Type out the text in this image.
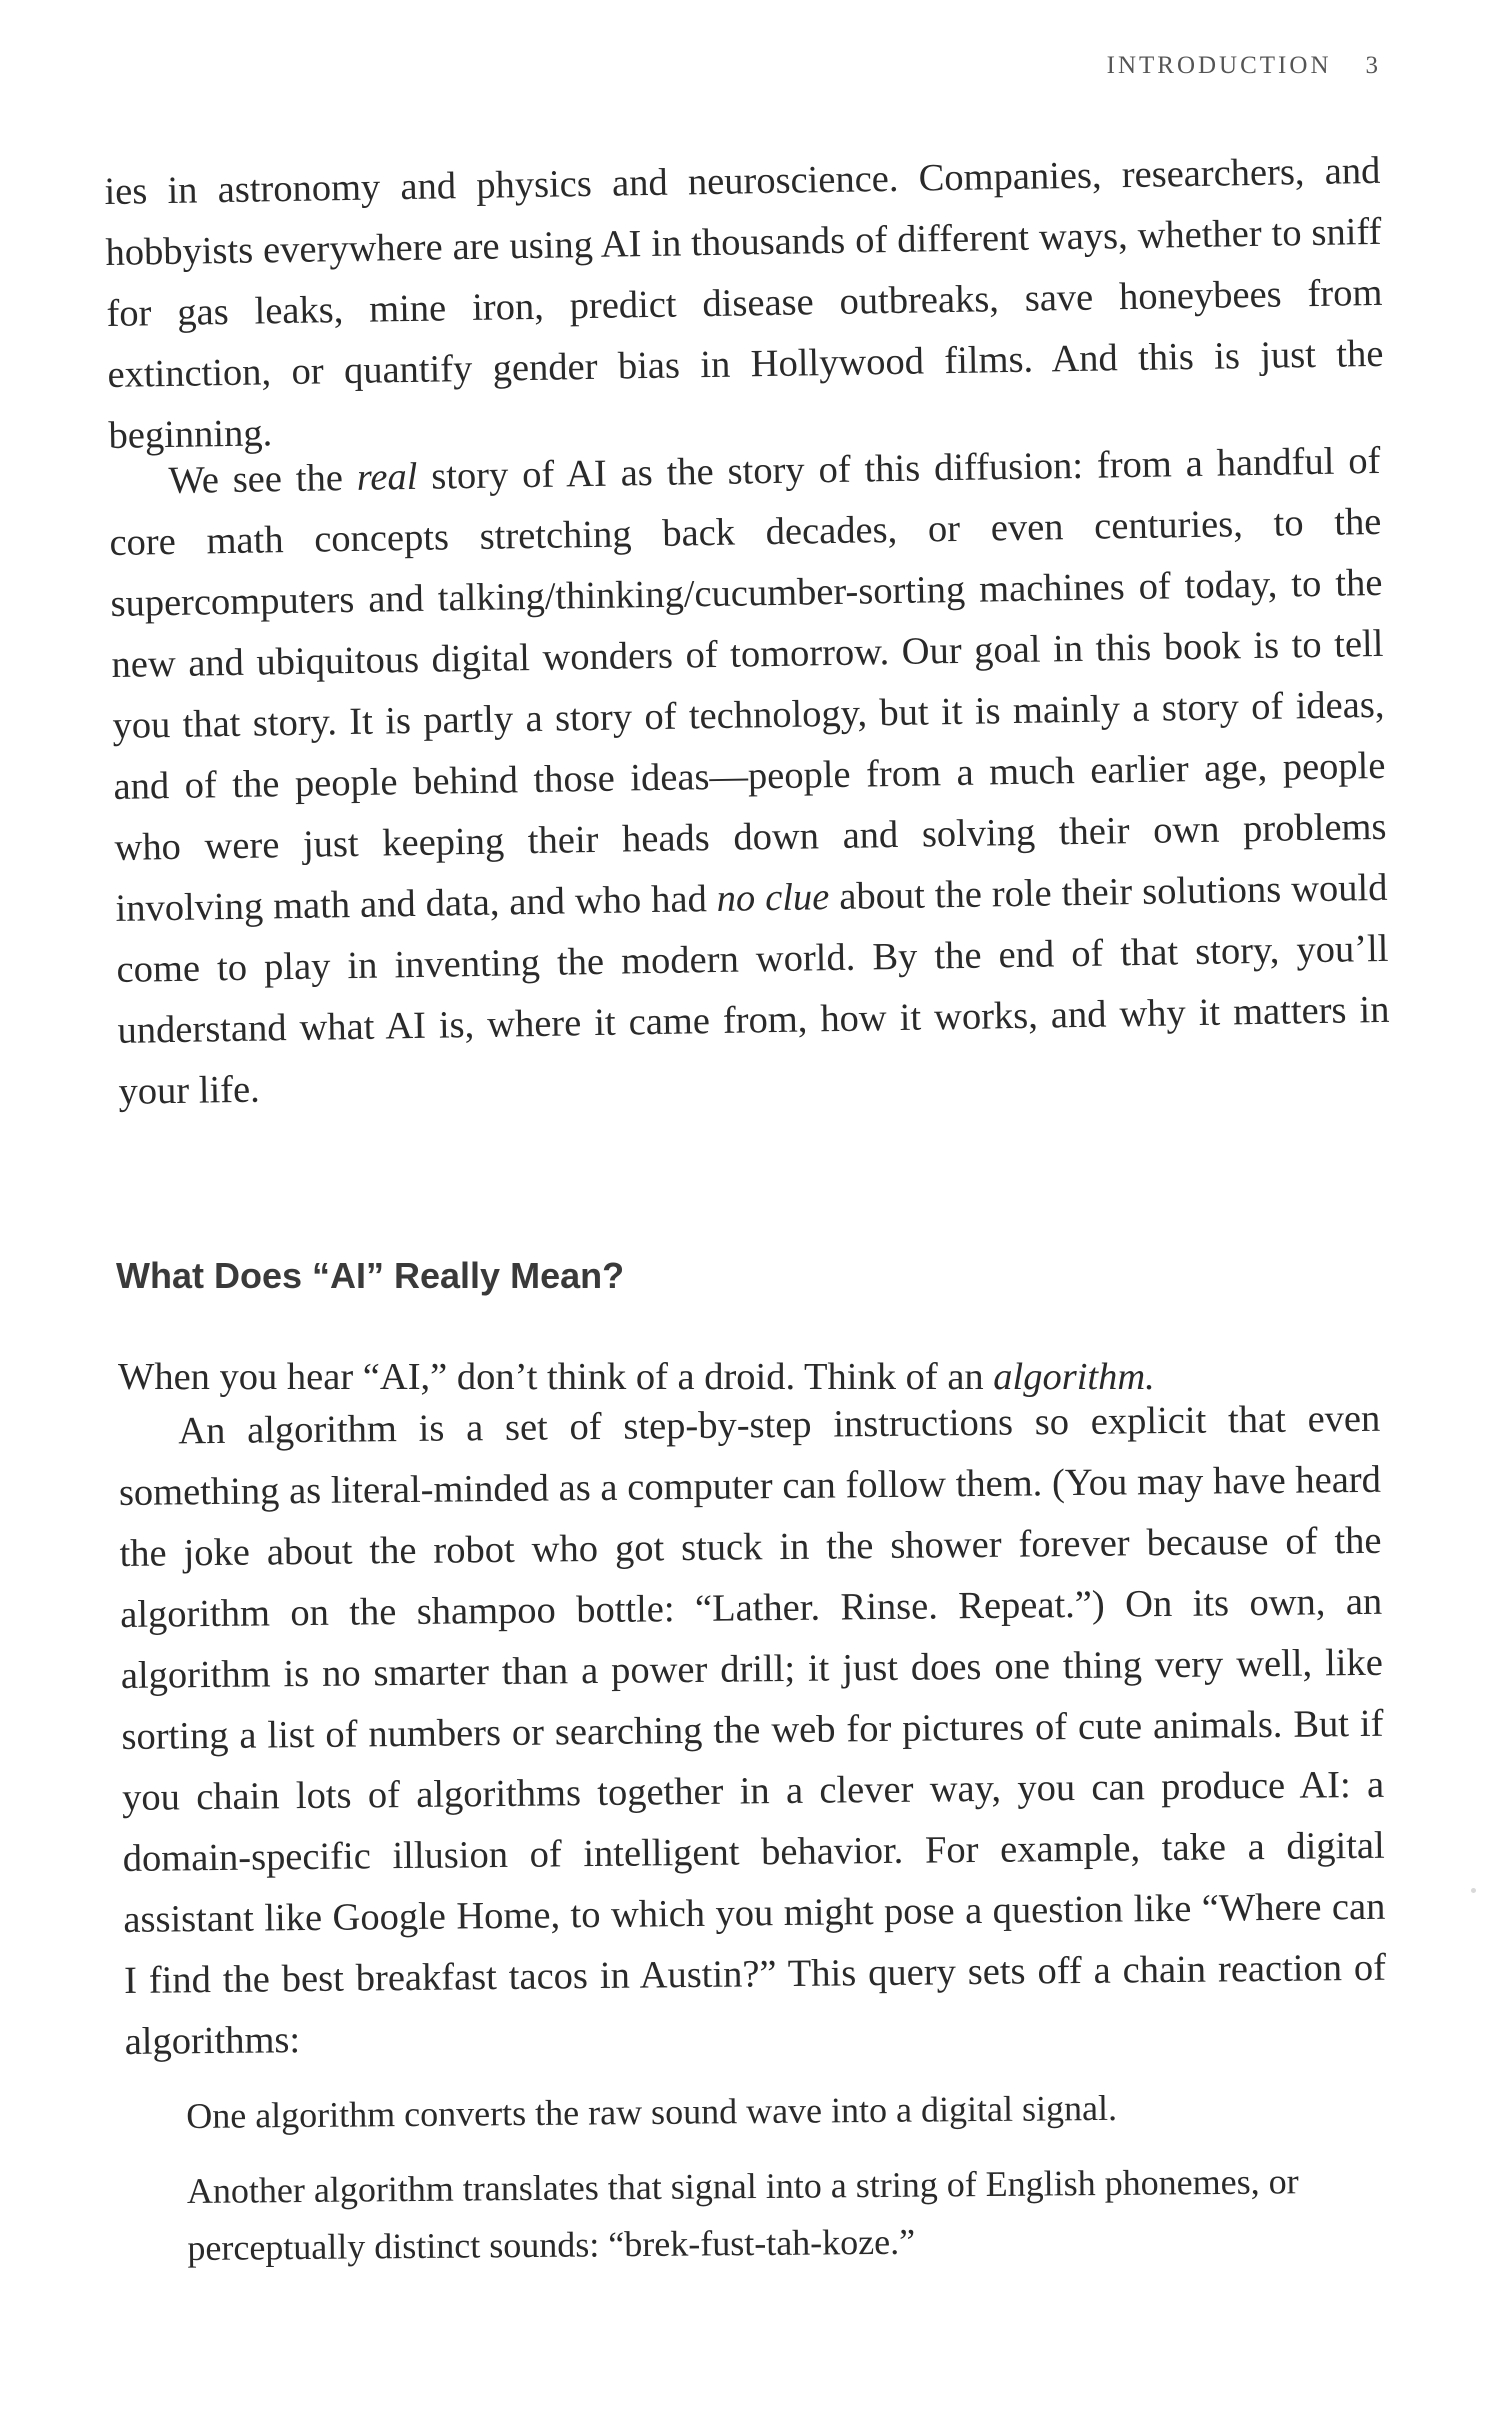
INTRODUCTION 3

ies in astronomy and physics and neuroscience. Companies, researchers, and hobbyists everywhere are using AI in thousands of different ways, whether to sniff for gas leaks, mine iron, predict disease outbreaks, save honeybees from extinction, or quantify gender bias in Hollywood films. And this is just the beginning.

We see the real story of AI as the story of this diffusion: from a handful of core math concepts stretching back decades, or even centuries, to the supercomputers and talking/thinking/cucumber-sorting machines of today, to the new and ubiquitous digital wonders of tomorrow. Our goal in this book is to tell you that story. It is partly a story of technology, but it is mainly a story of ideas, and of the people behind those ideas—people from a much earlier age, people who were just keeping their heads down and solving their own problems involving math and data, and who had no clue about the role their solutions would come to play in inventing the modern world. By the end of that story, you’ll understand what AI is, where it came from, how it works, and why it matters in your life.

What Does “AI” Really Mean?

When you hear “AI,” don’t think of a droid. Think of an algorithm.

An algorithm is a set of step-by-step instructions so explicit that even something as literal-minded as a computer can follow them. (You may have heard the joke about the robot who got stuck in the shower forever because of the algorithm on the shampoo bottle: “Lather. Rinse. Repeat.”) On its own, an algorithm is no smarter than a power drill; it just does one thing very well, like sorting a list of numbers or searching the web for pictures of cute animals. But if you chain lots of algorithms together in a clever way, you can produce AI: a domain-specific illusion of intelligent behavior. For example, take a digital assistant like Google Home, to which you might pose a question like “Where can I find the best breakfast tacos in Austin?” This query sets off a chain reaction of algorithms:

One algorithm converts the raw sound wave into a digital signal.

Another algorithm translates that signal into a string of English phonemes, or perceptually distinct sounds: “brek-fust-tah-koze.”
